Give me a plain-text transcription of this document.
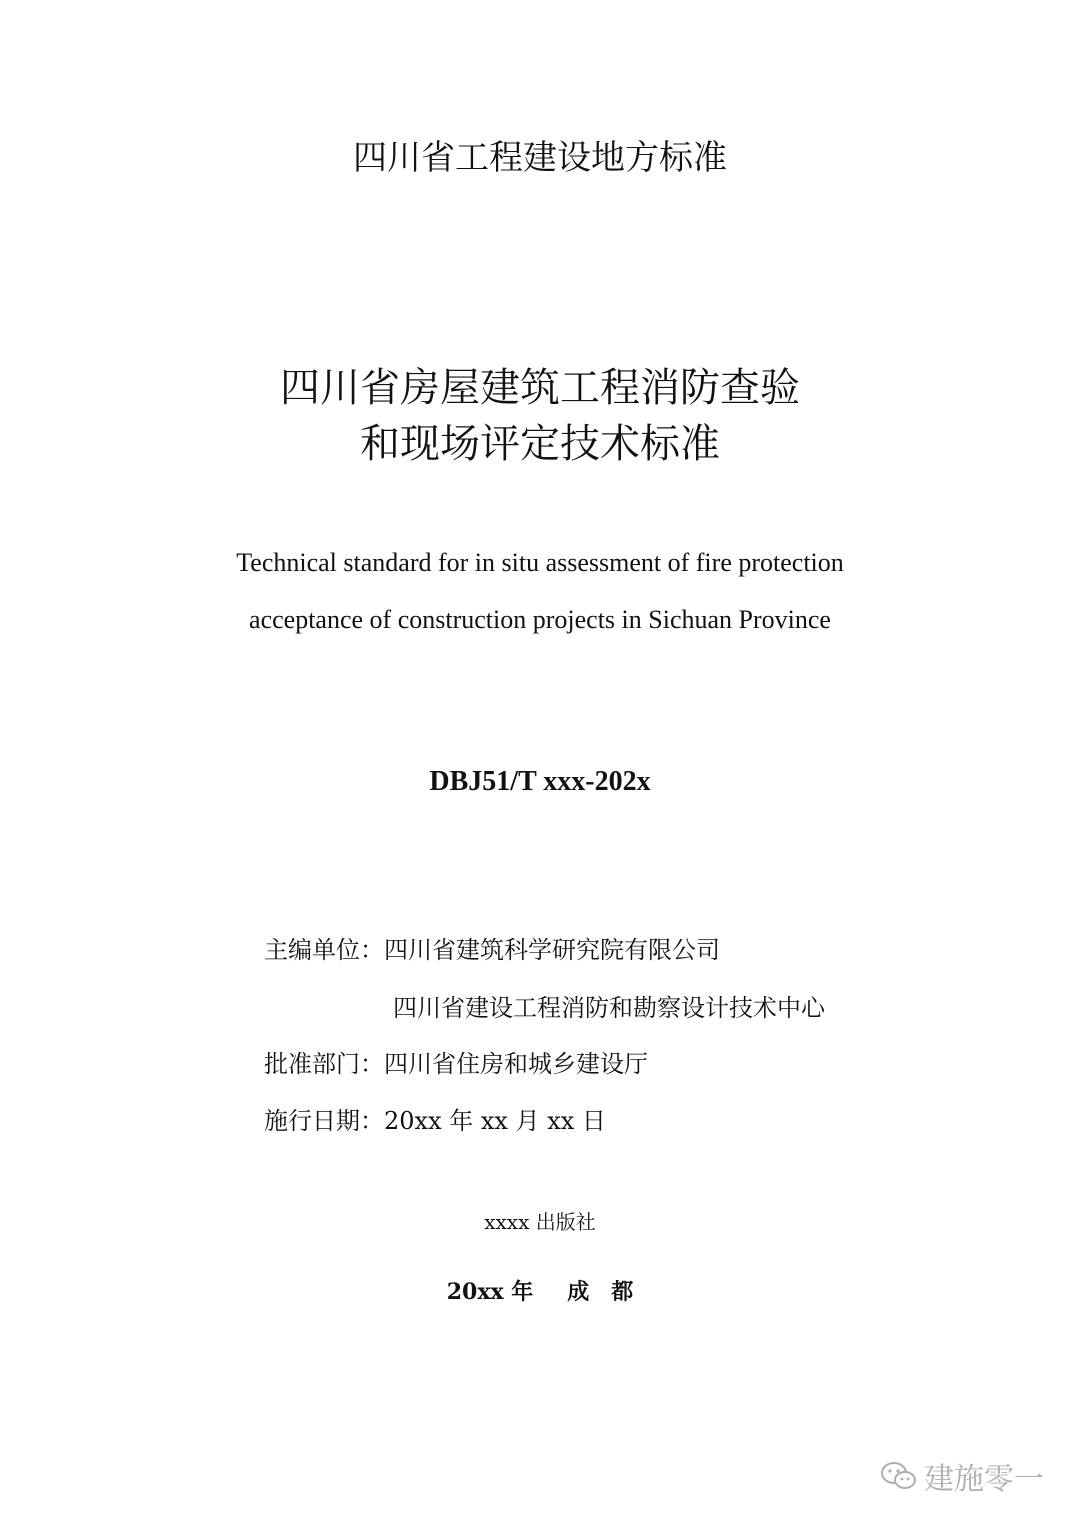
四川省工程建设地方标准
四川省房屋建筑工程消防查验
和现场评定技术标准
Technical standard for in situ assessment of fire protection
acceptance of construction projects in Sichuan Province
DBJ51/T xxx-202x
主编单位：四川省建筑科学研究院有限公司
四川省建设工程消防和勘察设计技术中心
批准部门：四川省住房和城乡建设厅
施行日期：20xx 年 xx 月 xx 日
xxxx 出版社
20xx 年 成　都
建施零一
